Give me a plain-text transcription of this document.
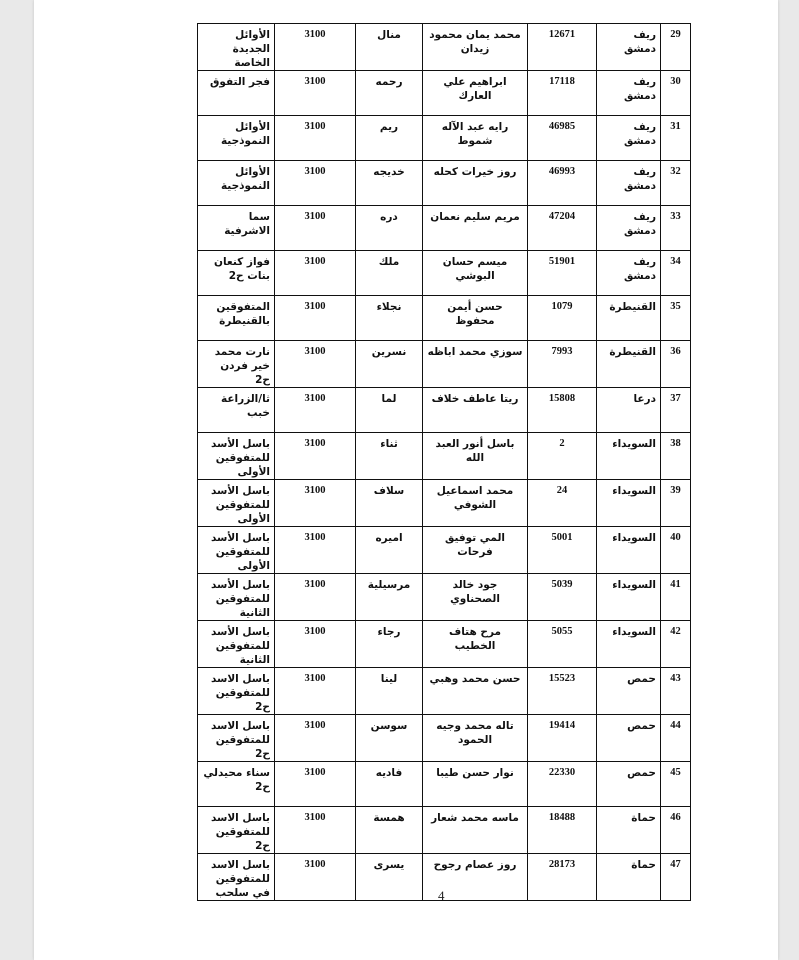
29	ريف دمشق	12671	محمد يمان محمود زيدان	منال	3100	الأوائل الجديدة الخاصة
30	ريف دمشق	17118	ابراهيم علي العارك	رحمه	3100	فجر التفوق
31	ريف دمشق	46985	رايه عبد الآله شموط	ريم	3100	الأوائل النموذجية
32	ريف دمشق	46993	روز خيرات كحله	خديجه	3100	الأوائل النموذجية
33	ريف دمشق	47204	مريم سليم نعمان	دره	3100	سما الاشرفية
34	ريف دمشق	51901	ميسم حسان البوشي	ملك	3100	فواز كنعان بنات ح2
35	القنيطرة	1079	حسن أيمن محفوظ	نجلاء	3100	المتفوقين بالقنيطرة
36	القنيطرة	7993	سوزي محمد اباظه	نسرين	3100	نارت محمد خير فردن ح2
37	درعا	15808	ريتا عاطف خلاف	لما	3100	ثا/الزراعة خبب
38	السويداء	2	باسل أنور العبد الله	ثناء	3100	باسل الأسد للمتفوقين الأولى
39	السويداء	24	محمد اسماعيل الشوفي	سلاف	3100	باسل الأسد للمتفوقين الأولى
40	السويداء	5001	المي توفيق فرحات	اميره	3100	باسل الأسد للمتفوقين الأولى
41	السويداء	5039	جود خالد الصحناوي	مرسيلية	3100	باسل الأسد للمتفوقين الثانية
42	السويداء	5055	مرح هتاف الخطيب	رجاء	3100	باسل الأسد للمتفوقين الثانية
43	حمص	15523	حسن محمد وهبي	لينا	3100	باسل الاسد للمتفوقين ح2
44	حمص	19414	تاله محمد وجيه الحمود	سوسن	3100	باسل الاسد للمتفوقين ح2
45	حمص	22330	نوار حسن طيبا	فاديه	3100	سناء محيدلي ح2
46	حماة	18488	ماسه محمد شعار	همسة	3100	باسل الاسد للمتفوقين ح2
47	حماة	28173	روز عصام رجوح	يسرى	3100	باسل الاسد للمتفوقين في سلحب	4
